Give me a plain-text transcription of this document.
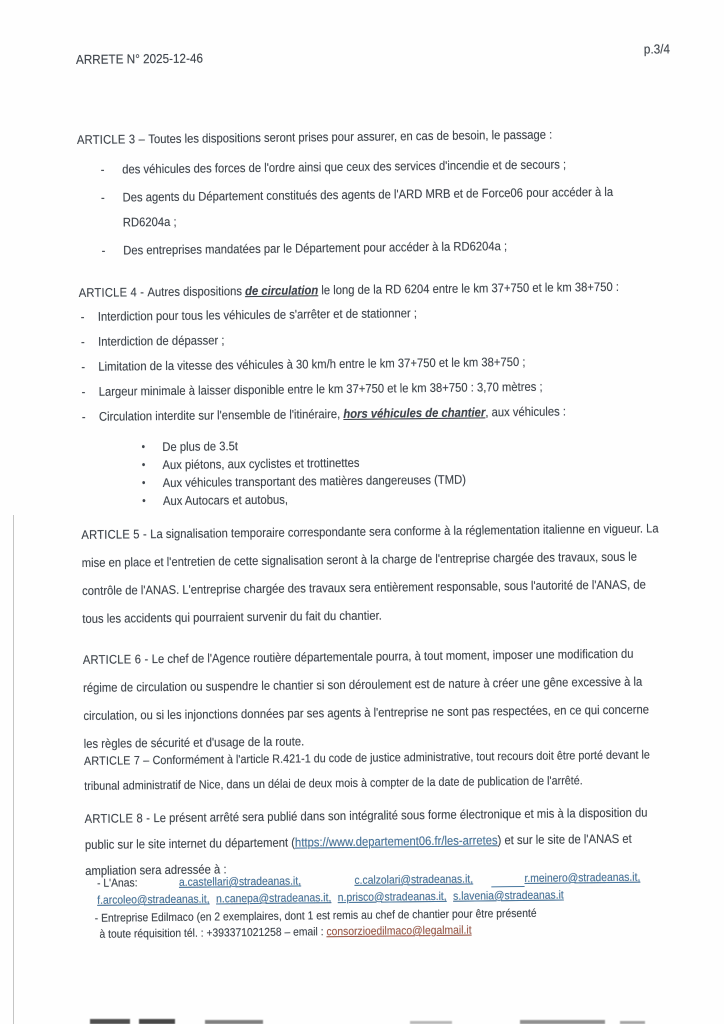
ARRETE N° 2025-12-46
p.3/4
ARTICLE 3 – Toutes les dispositions seront prises pour assurer, en cas de besoin, le passage :
-	des véhicules des forces de l'ordre ainsi que ceux des services d'incendie et de secours ;
-	Des agents du Département constitués des agents de l'ARD MRB et de Force06 pour accéder à la RD6204a ;
-	Des entreprises mandatées par le Département pour accéder à la RD6204a ;
ARTICLE 4 - Autres dispositions de circulation le long de la RD 6204 entre le km 37+750 et le km 38+750 :
-	Interdiction pour tous les véhicules de s'arrêter et de stationner ;
-	Interdiction de dépasser ;
-	Limitation de la vitesse des véhicules à 30 km/h entre le km 37+750 et le km 38+750 ;
-	Largeur minimale à laisser disponible entre le km 37+750 et le km 38+750 : 3,70 mètres ;
-	Circulation interdite sur l'ensemble de l'itinéraire, hors véhicules de chantier, aux véhicules :
•	De plus de 3.5t
•	Aux piétons, aux cyclistes et trottinettes
•	Aux véhicules transportant des matières dangereuses (TMD)
•	Aux Autocars et autobus,
ARTICLE 5 - La signalisation temporaire correspondante sera conforme à la réglementation italienne en vigueur. La mise en place et l'entretien de cette signalisation seront à la charge de l'entreprise chargée des travaux, sous le contrôle de l'ANAS. L'entreprise chargée des travaux sera entièrement responsable, sous l'autorité de l'ANAS, de tous les accidents qui pourraient survenir du fait du chantier.
ARTICLE 6 - Le chef de l'Agence routière départementale pourra, à tout moment, imposer une modification du régime de circulation ou suspendre le chantier si son déroulement est de nature à créer une gêne excessive à la circulation, ou si les injonctions données par ses agents à l'entreprise ne sont pas respectées, en ce qui concerne les règles de sécurité et d'usage de la route.
ARTICLE 7 – Conformément à l'article R.421-1 du code de justice administrative, tout recours doit être porté devant le tribunal administratif de Nice, dans un délai de deux mois à compter de la date de publication de l'arrêté.
ARTICLE 8 - Le présent arrêté sera publié dans son intégralité sous forme électronique et mis à la disposition du public sur le site internet du département (https://www.departement06.fr/les-arretes) et sur le site de l'ANAS et ampliation sera adressée à :
- L'Anas:	a.castellari@stradeanas.it,	c.calzolari@stradeanas.it,	r.meinero@stradeanas.it,
f.arcoleo@stradeanas.it, n.canepa@stradeanas.it, n.prisco@stradeanas.it, s.lavenia@stradeanas.it
- Entreprise Edilmaco (en 2 exemplaires, dont 1 est remis au chef de chantier pour être présenté
à toute réquisition tél. : +393371021258 – email : consorzioedilmaco@legalmail.it
